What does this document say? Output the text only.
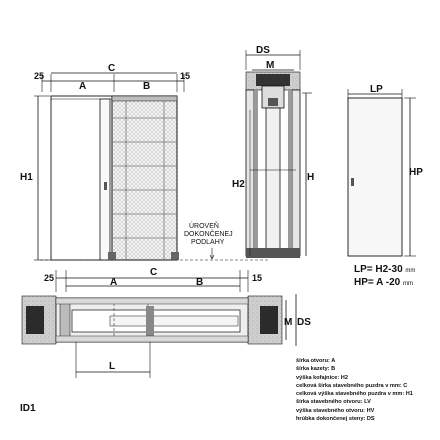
25
C
A	B
15
H1
ÚROVEŇ
DOKONČENEJ
PODLAHY
DS
M
H2
H
LP
HP
25	C
A	B	15
M DS
L
LP= H2-30 mm
HP= A -20 mm
šírka otvoru: A
šírka kazety: B
výška kofajnice: H2
celková šírka stavebného puzdra v mm: C
celková výška stavebného puzdra v mm: H1
šírka stavebného otvoru: LV
výška stavebného otvoru: HV
hrúbka dokončenej steny: DS
ID1
